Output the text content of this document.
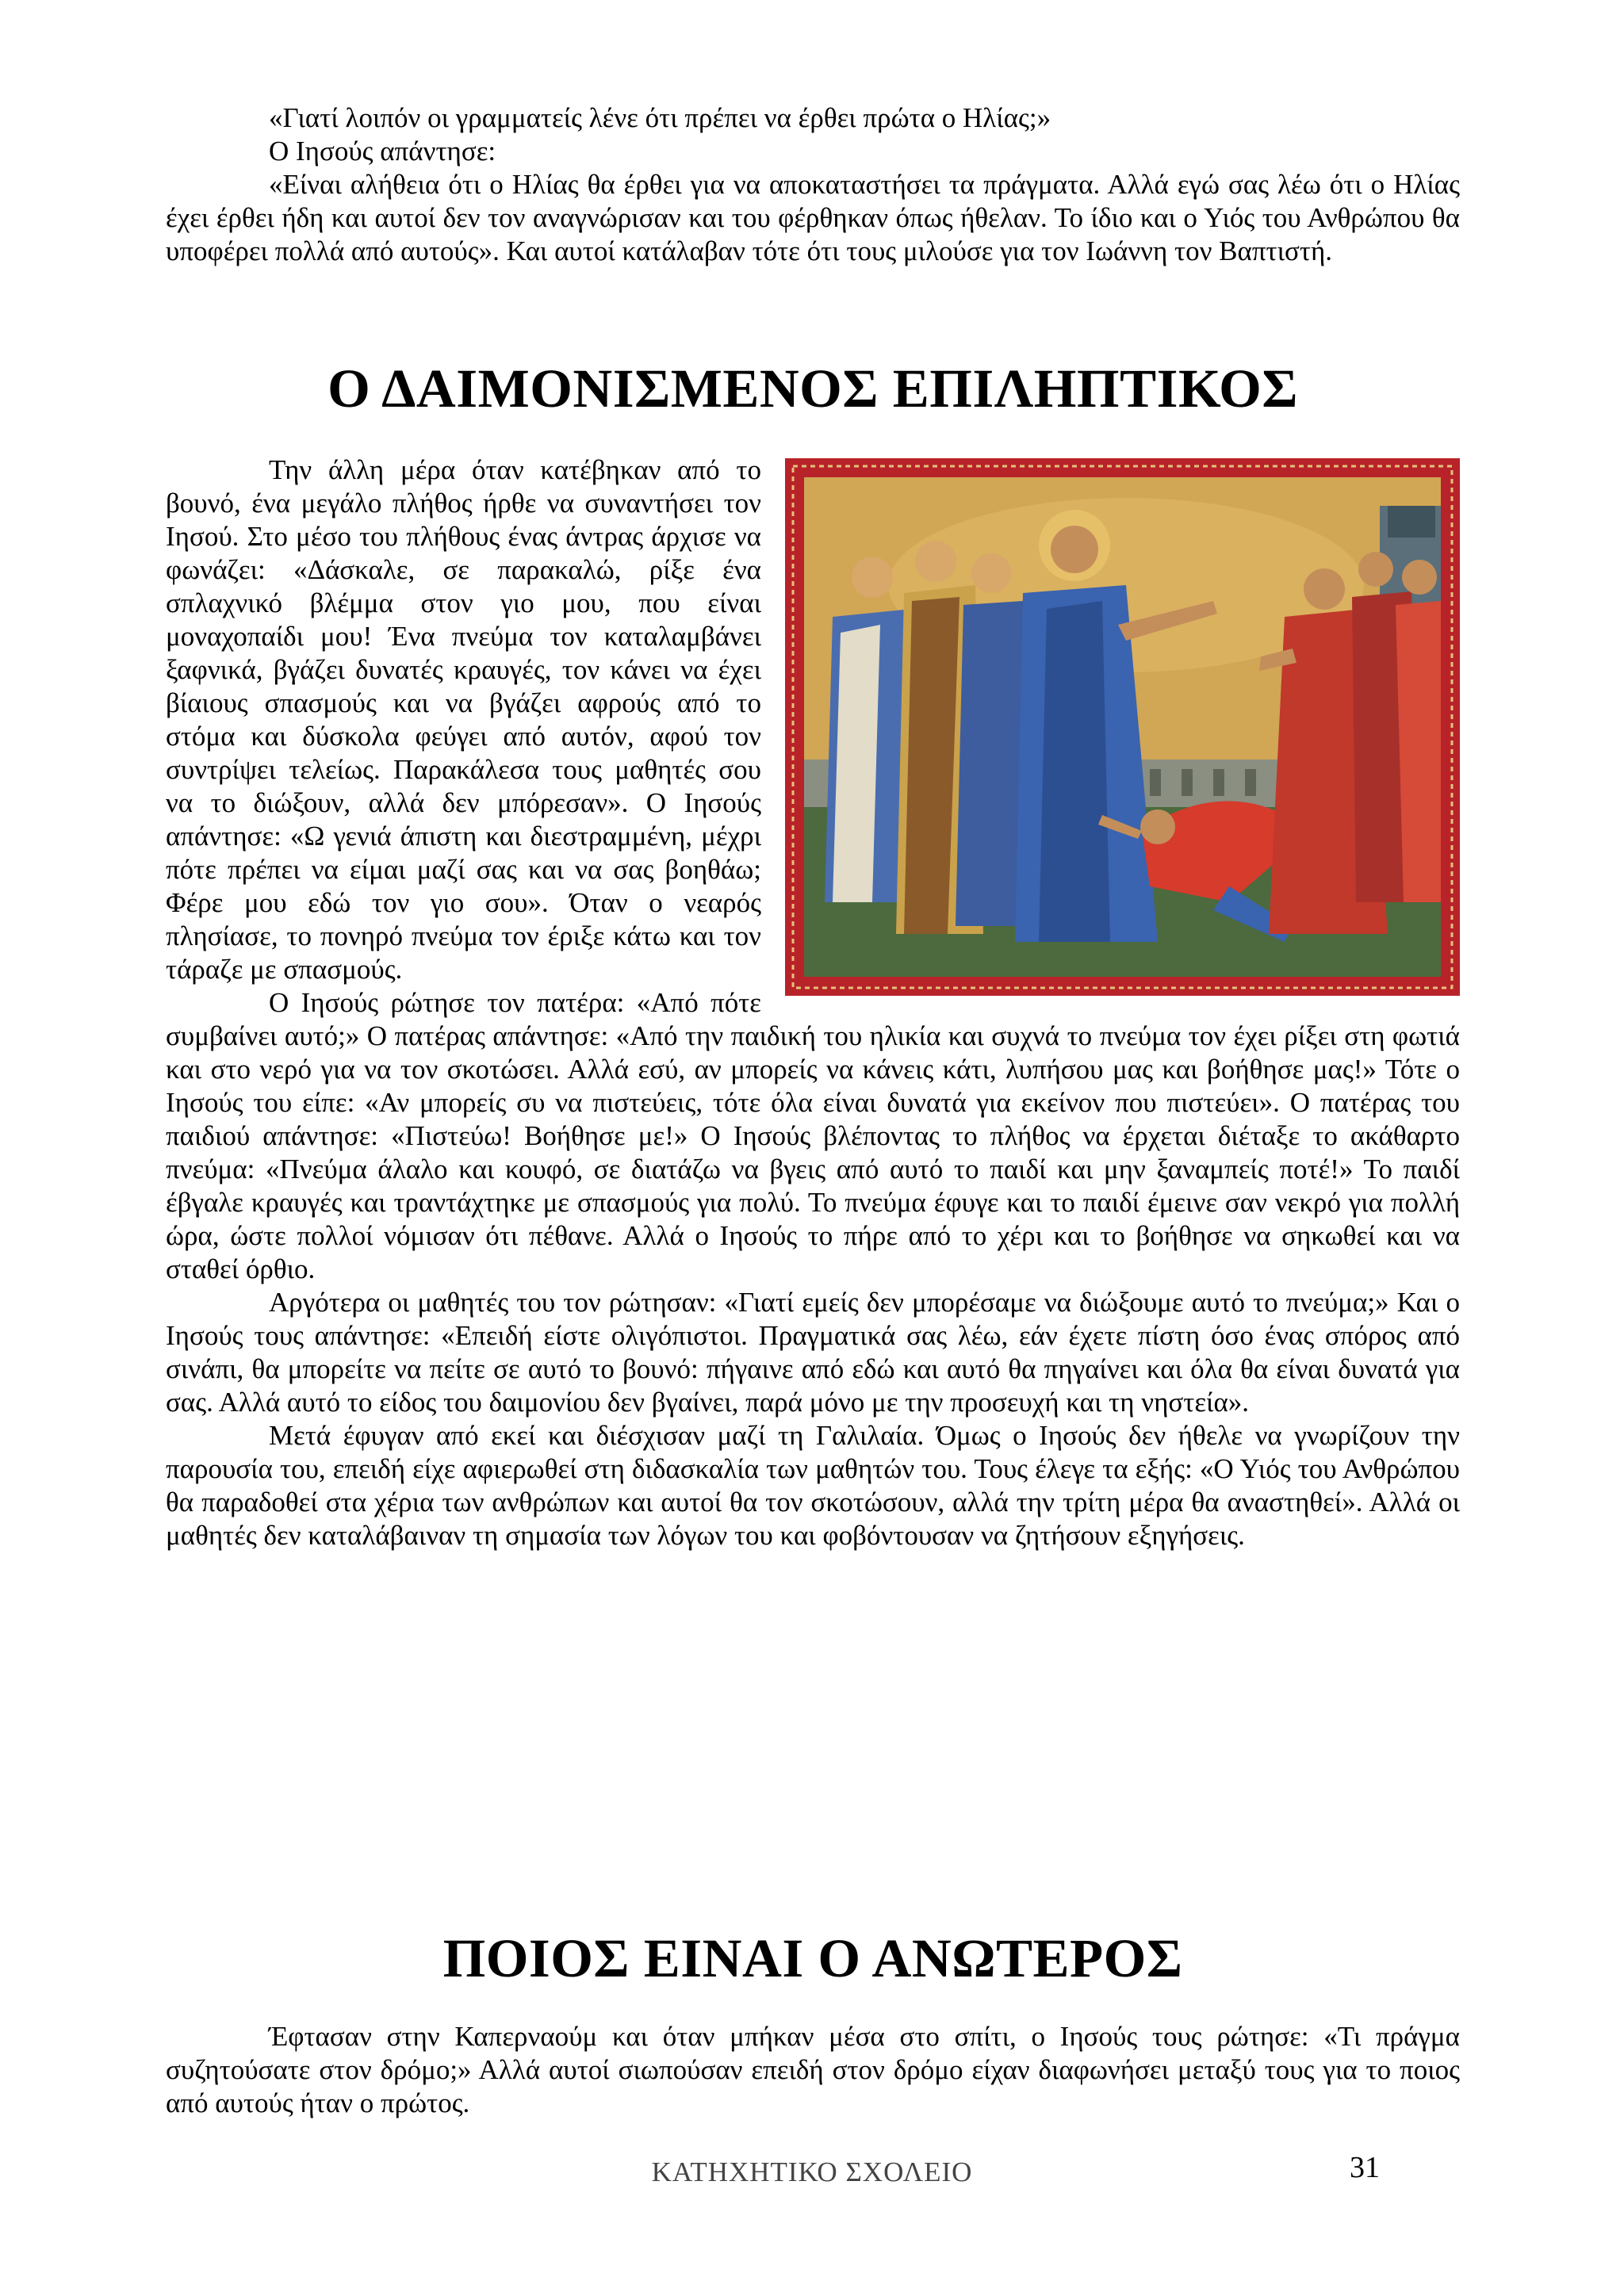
«Γιατί λοιπόν οι γραμματείς λένε ότι πρέπει να έρθει πρώτα ο Ηλίας;»

Ο Ιησούς απάντησε:

«Είναι αλήθεια ότι ο Ηλίας θα έρθει για να αποκαταστήσει τα πράγματα. Αλλά εγώ σας λέω ότι ο Ηλίας έχει έρθει ήδη και αυτοί δεν τον αναγνώρισαν και του φέρθηκαν όπως ήθελαν. Το ίδιο και ο Υιός του Ανθρώπου θα υποφέρει πολλά από αυτούς». Και αυτοί κατάλαβαν τότε ότι τους μιλούσε για τον Ιωάννη τον Βαπτιστή.

Ο ΔΑΙΜΟΝΙΣΜΕΝΟΣ ΕΠΙΛΗΠΤΙΚΟΣ

Την άλλη μέρα όταν κατέβηκαν από το βουνό, ένα μεγάλο πλήθος ήρθε να συναντήσει τον Ιησού. Στο μέσο του πλήθους ένας άντρας άρχισε να φωνάζει: «Δάσκαλε, σε παρακαλώ, ρίξε ένα σπλαχνικό βλέμμα στον γιο μου, που είναι μοναχοπαίδι μου! Ένα πνεύμα τον καταλαμβάνει ξαφνικά, βγάζει δυνατές κραυγές, τον κάνει να έχει βίαιους σπασμούς και να βγάζει αφρούς από το στόμα και δύσκολα φεύγει από αυτόν, αφού τον συντρίψει τελείως. Παρακάλεσα τους μαθητές σου να το διώξουν, αλλά δεν μπόρεσαν». Ο Ιησούς απάντησε: «Ω γενιά άπιστη και διεστραμμένη, μέχρι πότε πρέπει να είμαι μαζί σας και να σας βοηθάω; Φέρε μου εδώ τον γιο σου». Όταν ο νεαρός πλησίασε, το πονηρό πνεύμα τον έριξε κάτω και τον τάραζε με σπασμούς.

Ο Ιησούς ρώτησε τον πατέρα: «Από πότε συμβαίνει αυτό;» Ο πατέρας απάντησε: «Από την παιδική του ηλικία και συχνά το πνεύμα τον έχει ρίξει στη φωτιά και στο νερό για να τον σκοτώσει. Αλλά εσύ, αν μπορείς να κάνεις κάτι, λυπήσου μας και βοήθησε μας!» Τότε ο Ιησούς του είπε: «Αν μπορείς συ να πιστεύεις, τότε όλα είναι δυνατά για εκείνον που πιστεύει». Ο πατέρας του παιδιού απάντησε: «Πιστεύω! Βοήθησε με!» Ο Ιησούς βλέποντας το πλήθος να έρχεται διέταξε το ακάθαρτο πνεύμα: «Πνεύμα άλαλο και κουφό, σε διατάζω να βγεις από αυτό το παιδί και μην ξαναμπείς ποτέ!» Το παιδί έβγαλε κραυγές και τραντάχτηκε με σπασμούς για πολύ. Το πνεύμα έφυγε και το παιδί έμεινε σαν νεκρό για πολλή ώρα, ώστε πολλοί νόμισαν ότι πέθανε. Αλλά ο Ιησούς το πήρε από το χέρι και το βοήθησε να σηκωθεί και να σταθεί όρθιο.

Αργότερα οι μαθητές του τον ρώτησαν: «Γιατί εμείς δεν μπορέσαμε να διώξουμε αυτό το πνεύμα;» Και ο Ιησούς τους απάντησε: «Επειδή είστε ολιγόπιστοι. Πραγματικά σας λέω, εάν έχετε πίστη όσο ένας σπόρος από σινάπι, θα μπορείτε να πείτε σε αυτό το βουνό: πήγαινε από εδώ και αυτό θα πηγαίνει και όλα θα είναι δυνατά για σας. Αλλά αυτό το είδος του δαιμονίου δεν βγαίνει, παρά μόνο με την προσευχή και τη νηστεία».

Μετά έφυγαν από εκεί και διέσχισαν μαζί τη Γαλιλαία. Όμως ο Ιησούς δεν ήθελε να γνωρίζουν την παρουσία του, επειδή είχε αφιερωθεί στη διδασκαλία των μαθητών του. Τους έλεγε τα εξής: «Ο Υιός του Ανθρώπου θα παραδοθεί στα χέρια των ανθρώπων και αυτοί θα τον σκοτώσουν, αλλά την τρίτη μέρα θα αναστηθεί». Αλλά οι μαθητές δεν καταλάβαιναν τη σημασία των λόγων του και φοβόντουσαν να ζητήσουν εξηγήσεις.

ΠΟΙΟΣ ΕΙΝΑΙ Ο ΑΝΩΤΕΡΟΣ

Έφτασαν στην Καπερναούμ και όταν μπήκαν μέσα στο σπίτι, ο Ιησούς τους ρώτησε: «Τι πράγμα συζητούσατε στον δρόμο;» Αλλά αυτοί σιωπούσαν επειδή στον δρόμο είχαν διαφωνήσει μεταξύ τους για το ποιος από αυτούς ήταν ο πρώτος.

ΚΑΤΗΧΗΤΙΚΟ ΣΧΟΛΕΙΟ	31
